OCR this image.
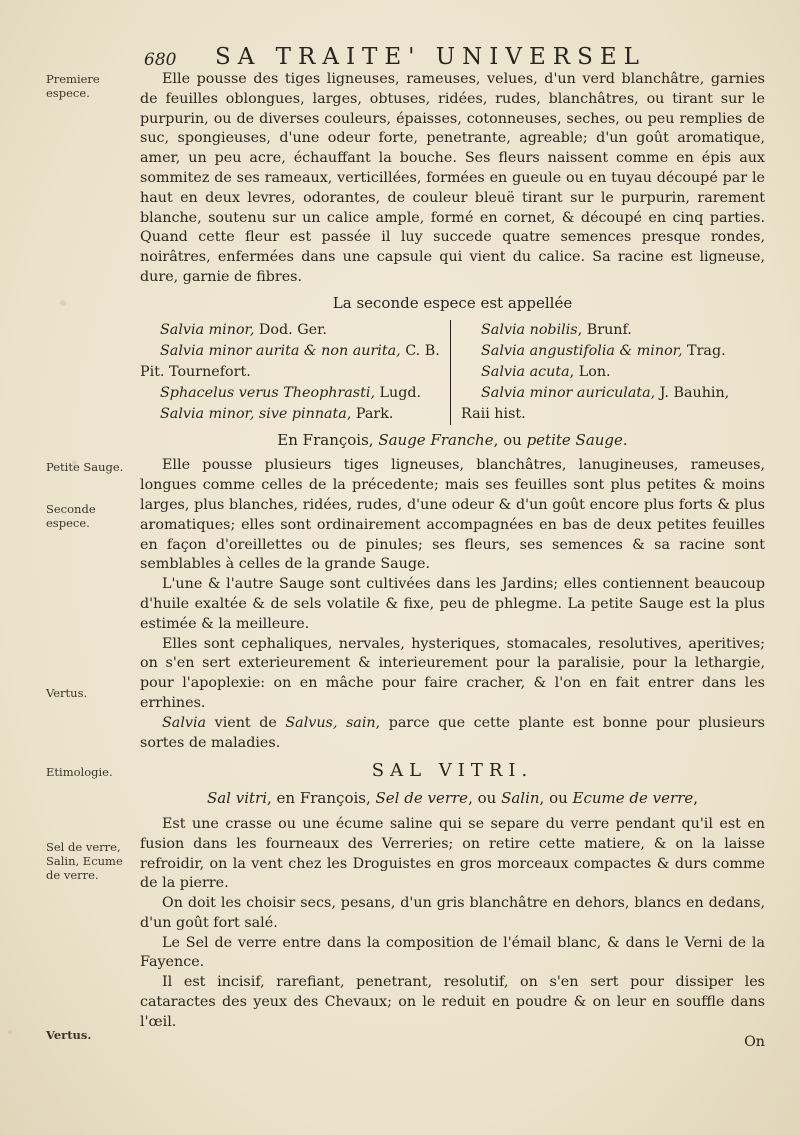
680 SA TRAITE' UNIVERSEL
Premiere espece.
Petite Sauge.
Seconde espece.
Vertus.
Etimologie.
Sel de verre, Salin, Ecume de verre.
Vertus.

Elle pousse des tiges ligneuses, rameuses, velues, d'un verd blanchâtre, garnies de feuilles oblongues, larges, obtuses, ridées, rudes, blanchâtres, ou tirant sur le purpurin, ou de diverses couleurs, épaisses, cotonneuses, seches, ou peu remplies de suc, spongieuses, d'une odeur forte, penetrante, agreable; d'un goût aromatique, amer, un peu acre, échauffant la bouche. Ses fleurs naissent comme en épis aux sommitez de ses rameaux, verticillées, formées en gueule ou en tuyau découpé par le haut en deux levres, odorantes, de couleur bleuë tirant sur le purpurin, rarement blanche, soutenu sur un calice ample, formé en cornet, & découpé en cinq parties. Quand cette fleur est passée il luy succede quatre semences presque rondes, noirâtres, enfermées dans une capsule qui vient du calice. Sa racine est ligneuse, dure, garnie de fibres.

La seconde espece est appellée

Salvia minor, Dod. Ger.
Salvia minor aurita & non aurita, C. B.
Pit. Tournefort.
Sphacelus verus Theophrasti, Lugd.
Salvia minor, sive pinnata, Park.
Salvia nobilis, Brunf.
Salvia angustifolia & minor, Trag.
Salvia acuta, Lon.
Salvia minor auriculata, J. Bauhin,
Raii hist.

En François, Sauge Franche, ou petite Sauge.

Elle pousse plusieurs tiges ligneuses, blanchâtres, lanugineuses, rameuses, longues comme celles de la précedente; mais ses feuilles sont plus petites & moins larges, plus blanches, ridées, rudes, d'une odeur & d'un goût encore plus forts & plus aromatiques; elles sont ordinairement accompagnées en bas de deux petites feuilles en façon d'oreillettes ou de pinules; ses fleurs, ses semences & sa racine sont semblables à celles de la grande Sauge.

L'une & l'autre Sauge sont cultivées dans les Jardins; elles contiennent beaucoup d'huile exaltée & de sels volatile & fixe, peu de phlegme. La petite Sauge est la plus estimée & la meilleure.

Elles sont cephaliques, nervales, hysteriques, stomacales, resolutives, aperitives; on s'en sert exterieurement & interieurement pour la paralisie, pour la lethargie, pour l'apoplexie: on en mâche pour faire cracher, & l'on en fait entrer dans les errhines.

Salvia vient de Salvus, sain, parce que cette plante est bonne pour plusieurs sortes de maladies.

SAL VITRI.

Sal vitri, en François, Sel de verre, ou Salin, ou Ecume de verre,

Est une crasse ou une écume saline qui se separe du verre pendant qu'il est en fusion dans les fourneaux des Verreries; on retire cette matiere, & on la laisse refroidir, on la vent chez les Droguistes en gros morceaux compactes & durs comme de la pierre.

On doit les choisir secs, pesans, d'un gris blanchâtre en dehors, blancs en dedans, d'un goût fort salé.

Le Sel de verre entre dans la composition de l'émail blanc, & dans le Verni de la Fayence.

Il est incisif, rarefiant, penetrant, resolutif, on s'en sert pour dissiper les cataractes des yeux des Chevaux; on le reduit en poudre & on leur en souffle dans l'œil.

On
